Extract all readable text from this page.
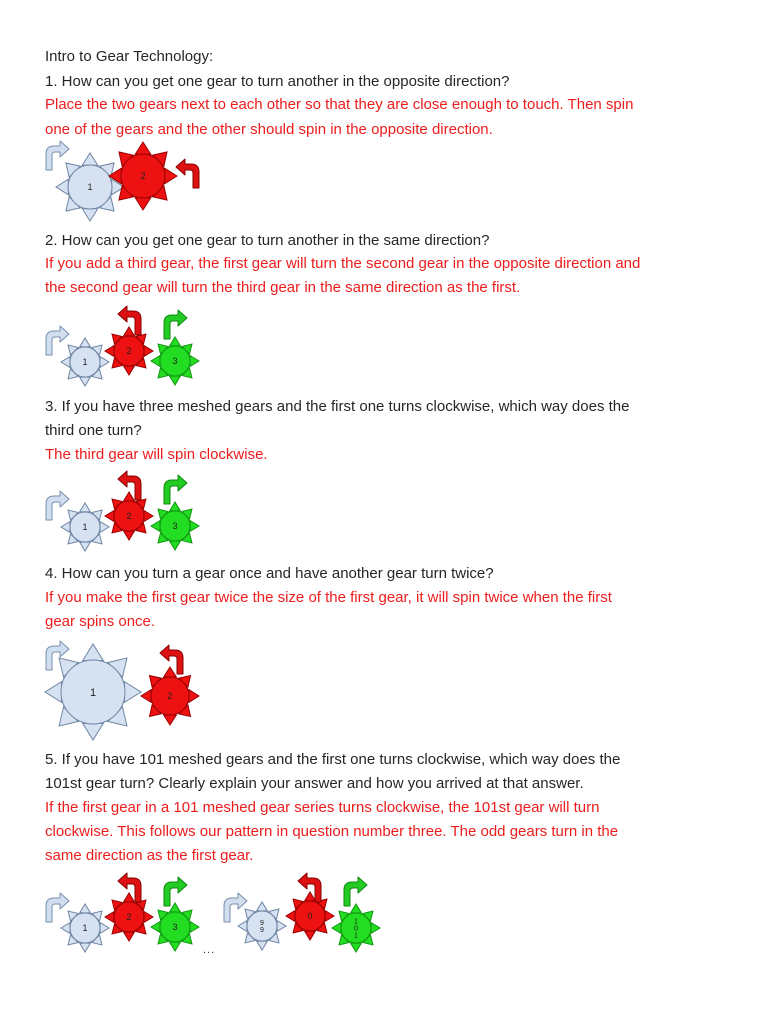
Intro to Gear Technology:
1. How can you get one gear to turn another in the opposite direction?
Place the two gears next to each other so that they are close enough to touch. Then spin
one of the gears and the other should spin in the opposite direction.
1
2
2. How can you get one gear to turn another in the same direction?
If you add a third gear, the first gear will turn the second gear in the opposite direction and
the second gear will turn the third gear in the same direction as the first.
1
2
3
3. If you have three meshed gears and the first one turns clockwise, which way does the
third one turn?
The third gear will spin clockwise.
1
2
3
4. How can you turn a gear once and have another gear turn twice?
If you make the first gear twice the size of the first gear, it will spin twice when the first
gear spins once.
1	2
5. If you have 101 meshed gears and the first one turns clockwise, which way does the
101st gear turn? Clearly explain your answer and how you arrived at that answer.
If the first gear in a 101 meshed gear series turns clockwise, the 101st gear will turn
clockwise. This follows our pattern in question number three. The odd gears turn in the
same direction as the first gear.
1
2
3	9 9
0
1 0 1
...
